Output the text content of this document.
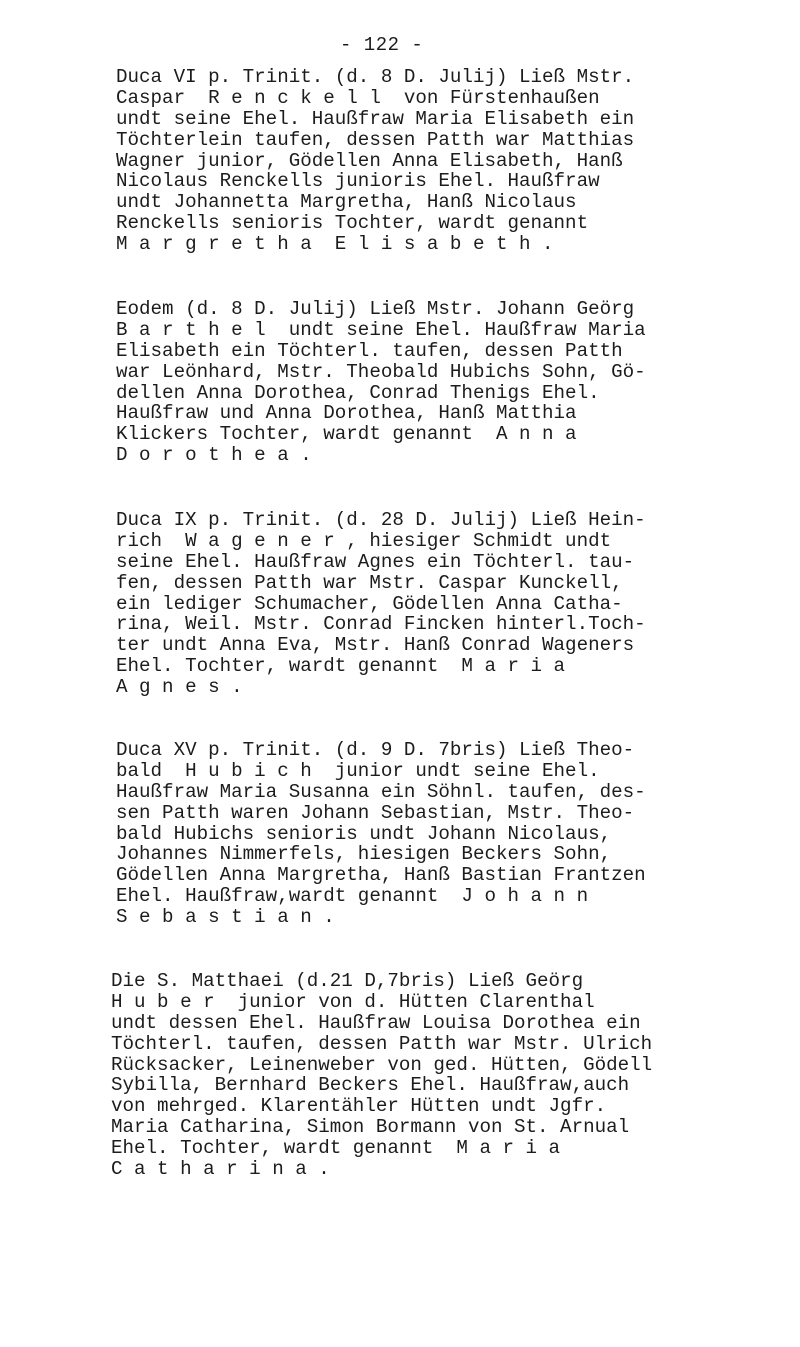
- 122 -
Duca VI p. Trinit. (d. 8 D. Julij) Ließ Mstr.
Caspar  R e n c k e l l  von Fürstenhaußen
undt seine Ehel. Haußfraw Maria Elisabeth ein
Töchterlein taufen, dessen Patth war Matthias
Wagner junior, Gödellen Anna Elisabeth, Hanß
Nicolaus Renckells junioris Ehel. Haußfraw
undt Johannetta Margretha, Hanß Nicolaus
Renckells senioris Tochter, wardt genannt
M a r g r e t h a  E l i s a b e t h .
Eodem (d. 8 D. Julij) Ließ Mstr. Johann Geörg
B a r t h e l  undt seine Ehel. Haußfraw Maria
Elisabeth ein Töchterl. taufen, dessen Patth
war Leönhard, Mstr. Theobald Hubichs Sohn, Gö-
dellen Anna Dorothea, Conrad Thenigs Ehel.
Haußfraw und Anna Dorothea, Hanß Matthia
Klickers Tochter, wardt genannt  A n n a
D o r o t h e a .
Duca IX p. Trinit. (d. 28 D. Julij) Ließ Hein-
rich  W a g e n e r , hiesiger Schmidt undt
seine Ehel. Haußfraw Agnes ein Töchterl. tau-
fen, dessen Patth war Mstr. Caspar Kunckell,
ein lediger Schumacher, Gödellen Anna Catha-
rina, Weil. Mstr. Conrad Fincken hinterl.Toch-
ter undt Anna Eva, Mstr. Hanß Conrad Wageners
Ehel. Tochter, wardt genannt  M a r i a
A g n e s .
Duca XV p. Trinit. (d. 9 D. 7bris) Ließ Theo-
bald  H u b i c h  junior undt seine Ehel.
Haußfraw Maria Susanna ein Söhnl. taufen, des-
sen Patth waren Johann Sebastian, Mstr. Theo-
bald Hubichs senioris undt Johann Nicolaus,
Johannes Nimmerfels, hiesigen Beckers Sohn,
Gödellen Anna Margretha, Hanß Bastian Frantzen
Ehel. Haußfraw,wardt genannt  J o h a n n
S e b a s t i a n .
Die S. Matthaei (d.21 D,7bris) Ließ Geörg
H u b e r  junior von d. Hütten Clarenthal
undt dessen Ehel. Haußfraw Louisa Dorothea ein
Töchterl. taufen, dessen Patth war Mstr. Ulrich
Rücksacker, Leinenweber von ged. Hütten, Gödell
Sybilla, Bernhard Beckers Ehel. Haußfraw,auch
von mehrged. Klarentähler Hütten undt Jgfr.
Maria Catharina, Simon Bormann von St. Arnual
Ehel. Tochter, wardt genannt  M a r i a
C a t h a r i n a .
